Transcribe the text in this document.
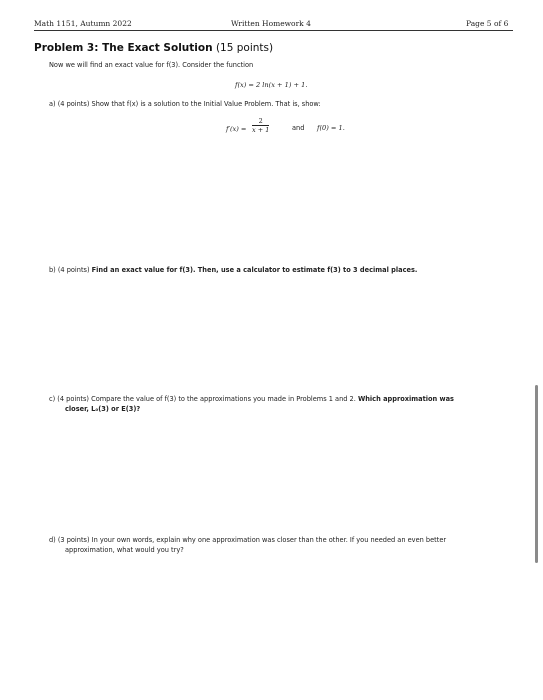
Math 1151, Autumn 2022	Written Homework 4	Page 5 of 6
Problem 3: The Exact Solution (15 points)
Now we will find an exact value for f(3). Consider the function
f(x) = 2 ln(x + 1) + 1.
a) (4 points) Show that f(x) is a solution to the Initial Value Problem. That is, show:
$f'(x) = \frac{2}{x + 1}$	and f(0) = 1.
b) (4 points) Find an exact value for f(3). Then, use a calculator to estimate f(3) to 3 decimal places.
c) (4 points) Compare the value of f(3) to the approximations you made in Problems 1 and 2. Which approximation was
closer, L₀(3) or E(3)?
d) (3 points) In your own words, explain why one approximation was closer than the other. If you needed an even better
approximation, what would you try?
